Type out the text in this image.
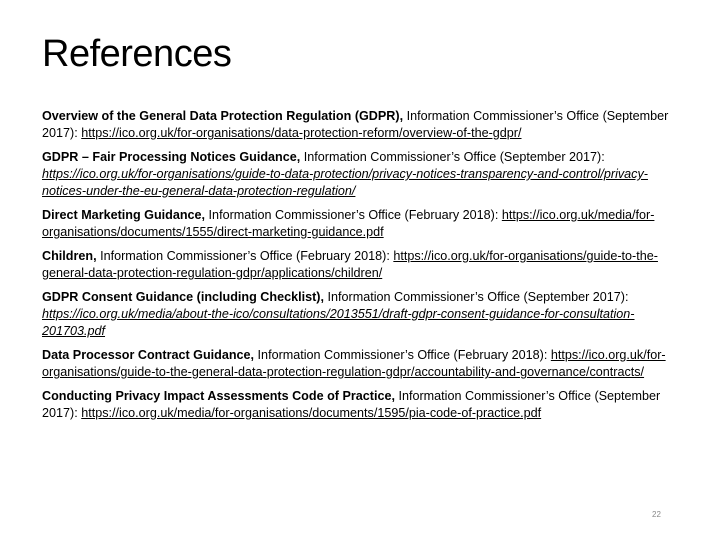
References

Overview of the General Data Protection Regulation (GDPR), Information Commissioner’s Office (September 2017): https://ico.org.uk/for-organisations/data-protection-reform/overview-of-the-gdpr/

GDPR – Fair Processing Notices Guidance, Information Commissioner’s Office (September 2017): https://ico.org.uk/for-organisations/guide-to-data-protection/privacy-notices-transparency-and-control/privacy-notices-under-the-eu-general-data-protection-regulation/

Direct Marketing Guidance, Information Commissioner’s Office (February 2018): https://ico.org.uk/media/for-organisations/documents/1555/direct-marketing-guidance.pdf

Children, Information Commissioner’s Office (February 2018): https://ico.org.uk/for-organisations/guide-to-the-general-data-protection-regulation-gdpr/applications/children/

GDPR Consent Guidance (including Checklist), Information Commissioner’s Office (September 2017): https://ico.org.uk/media/about-the-ico/consultations/2013551/draft-gdpr-consent-guidance-for-consultation-201703.pdf

Data Processor Contract Guidance, Information Commissioner’s Office (February 2018): https://ico.org.uk/for-organisations/guide-to-the-general-data-protection-regulation-gdpr/accountability-and-governance/contracts/

Conducting Privacy Impact Assessments Code of Practice, Information Commissioner’s Office (September 2017): https://ico.org.uk/media/for-organisations/documents/1595/pia-code-of-practice.pdf

22
